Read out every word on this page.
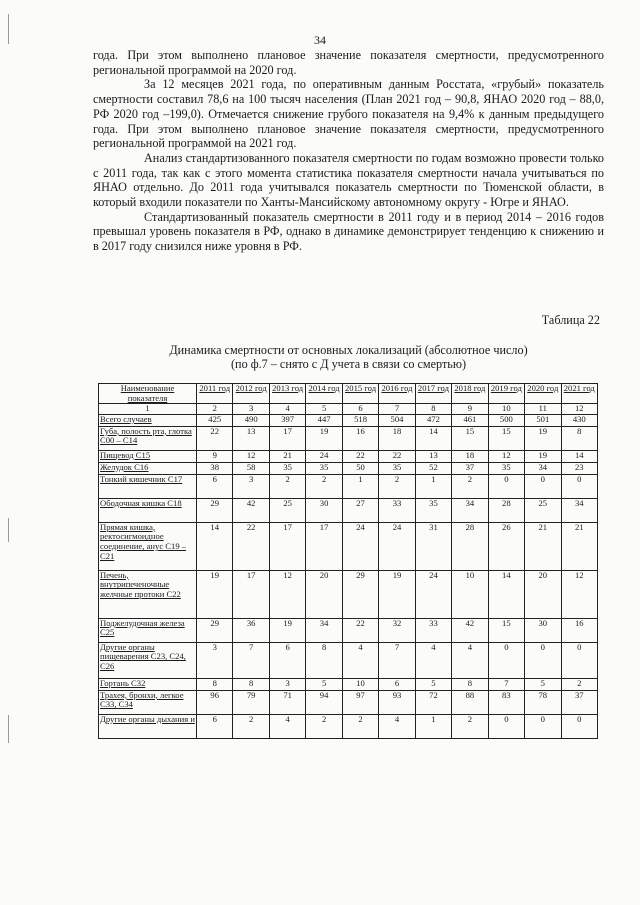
34

года. При этом выполнено плановое значение показателя смертности, предусмотренного региональной программой на 2020 год.

За 12 месяцев 2021 года, по оперативным данным Росстата, «грубый» показатель смертности составил 78,6 на 100 тысяч населения (План 2021 год – 90,8, ЯНАО 2020 год – 88,0, РФ 2020 год –199,0). Отмечается снижение грубого показателя на 9,4% к данным предыдущего года. При этом выполнено плановое значение показателя смертности, предусмотренного региональной программой на 2021 год.

Анализ стандартизованного показателя смертности по годам возможно провести только с 2011 года, так как с этого момента статистика показателя смертности начала учитываться по ЯНАО отдельно. До 2011 года учитывался показатель смертности по Тюменской области, в который входили показатели по Ханты-Мансийскому автономному округу - Югре и ЯНАО.

Стандартизованный показатель смертности в 2011 году и в период 2014 – 2016 годов превышал уровень показателя в РФ, однако в динамике демонстрирует тенденцию к снижению и в 2017 году снизился ниже уровня в РФ.

Таблица 22
Динамика смертности от основных локализаций (абсолютное число)
(по ф.7 – снято с Д учета в связи со смертью)
Наименование показателя	2011 год	2012 год	2013 год	2014 год	2015 год	2016 год	2017 год	2018 год	2019 год	2020 год	2021 год
1	2	3	4	5	6	7	8	9	10	11	12
Всего случаев	425	490	397	447	518	504	472	461	500	501	430
Губа, полость рта, глотка С00 – С14	22	13	17	19	16	18	14	15	15	19	8
Пищевод С15	9	12	21	24	22	22	13	18	12	19	14
Желудок С16	38	58	35	35	50	35	52	37	35	34	23
Тонкий кишечник С17	6	3	2	2	1	2	1	2	0	0	0
Ободочная кишка С18	29	42	25	30	27	33	35	34	28	25	34
Прямая кишка, ректосигмоидное соединение, анус С19 – С21	14	22	17	17	24	24	31	28	26	21	21
Печень, внутрипеченочные желчные протоки С22	19	17	12	20	29	19	24	10	14	20	12
Поджелудочная железа С25	29	36	19	34	22	32	33	42	15	30	16
Другие органы пищеварения С23, С24, С26	3	7	6	8	4	7	4	4	0	0	0
Гортань С32	8	8	3	5	10	6	5	8	7	5	2
Трахея, бронхи, легкое С33, С34	96	79	71	94	97	93	72	88	83	78	37
Другие органы дыхания и	6	2	4	2	2	4	1	2	0	0	0
